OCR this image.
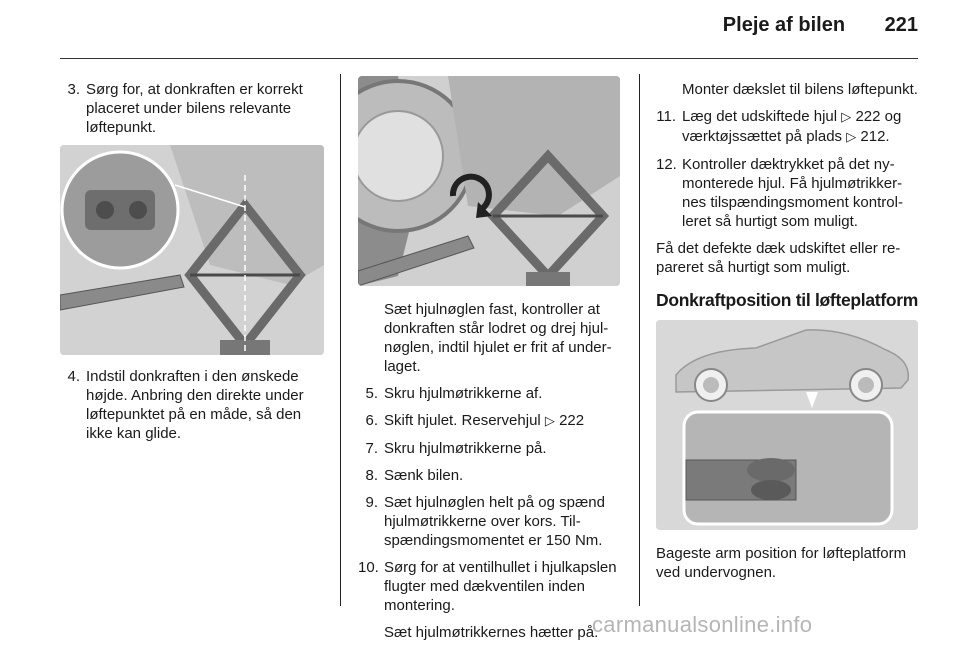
Pleje af bilen 221
3. Sørg for, at donkraften er korrekt placeret under bilens relevante løftepunkt.
4. Indstil donkraften i den ønskede højde. Anbring den direkte under løftepunktet på en måde, så den ikke kan glide.
Sæt hjulnøglen fast, kontroller at donkraften står lodret og drej hjulnøglen, indtil hjulet er frit af underlaget.
5. Skru hjulmøtrikkerne af.
6. Skift hjulet. Reservehjul ▷ 222
7. Skru hjulmøtrikkerne på.
8. Sænk bilen.
9. Sæt hjulnøglen helt på og spænd hjulmøtrikkerne over kors. Tilspændingsmomentet er 150 Nm.
10. Sørg for at ventilhullet i hjulkapslen flugter med dækventilen inden montering.
Sæt hjulmøtrikkernes hætter på.
Monter dækslet til bilens løftepunkt.
11. Læg det udskiftede hjul ▷ 222 og værktøjssættet på plads ▷ 212.
12. Kontroller dæktrykket på det nymonterede hjul. Få hjulmøtrikkernes tilspændingsmoment kontrolleret så hurtigt som muligt.
Få det defekte dæk udskiftet eller repareret så hurtigt som muligt.
Donkraftposition til løfteplatform
Bageste arm position for løfteplatform ved undervognen.
carmanualsonline.info
